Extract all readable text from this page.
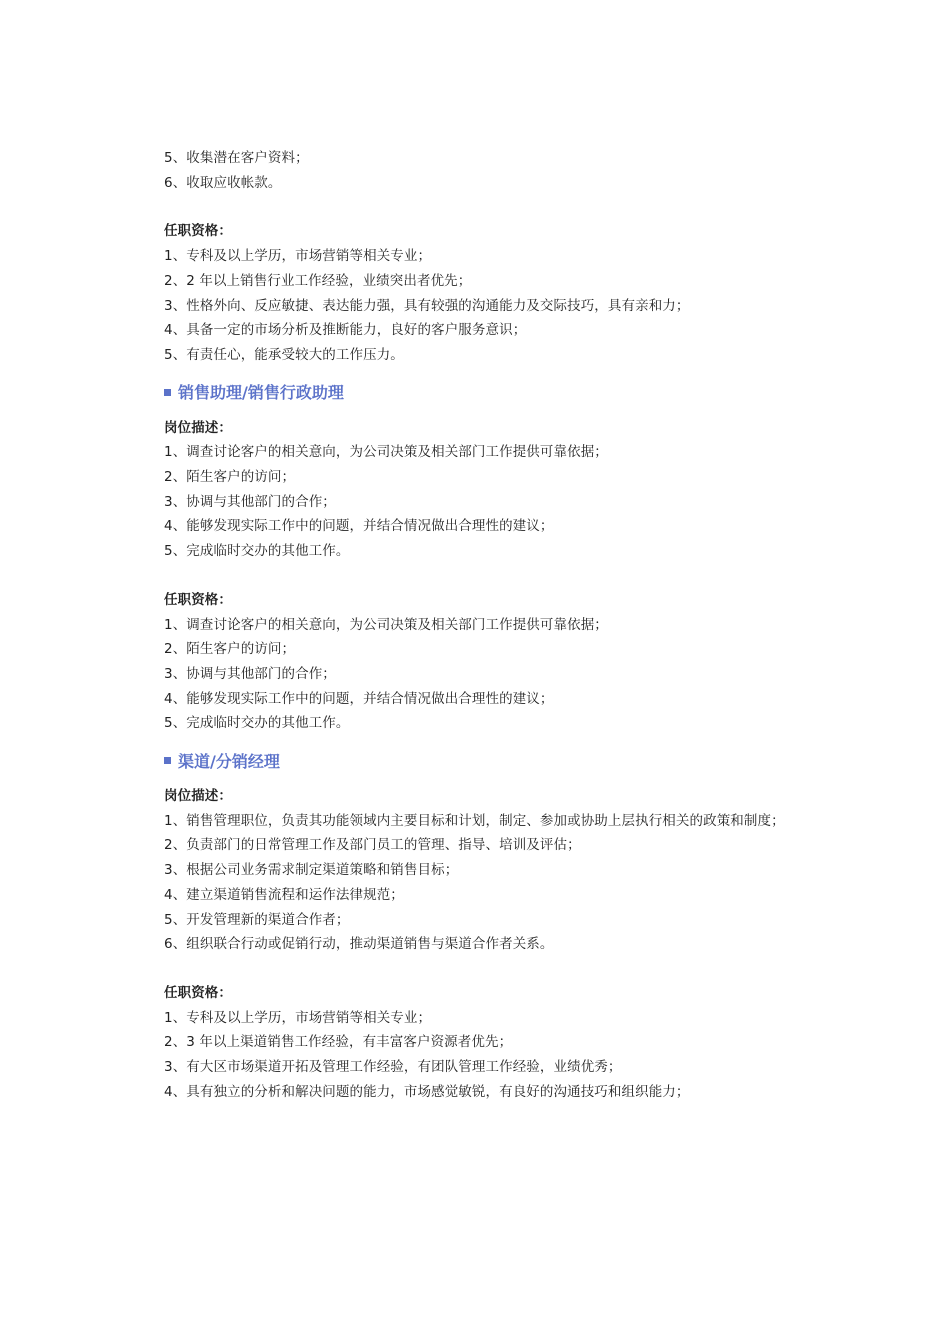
5、收集潜在客户资料；
6、收取应收帐款。
任职资格：
1、专科及以上学历，市场营销等相关专业；
2、2 年以上销售行业工作经验，业绩突出者优先；
3、性格外向、反应敏捷、表达能力强，具有较强的沟通能力及交际技巧，具有亲和力；
4、具备一定的市场分析及推断能力，良好的客户服务意识；
5、有责任心，能承受较大的工作压力。
销售助理/销售行政助理
岗位描述：
1、调查讨论客户的相关意向，为公司决策及相关部门工作提供可靠依据；
2、陌生客户的访问；
3、协调与其他部门的合作；
4、能够发现实际工作中的问题，并结合情况做出合理性的建议；
5、完成临时交办的其他工作。
任职资格：
1、调查讨论客户的相关意向，为公司决策及相关部门工作提供可靠依据；
2、陌生客户的访问；
3、协调与其他部门的合作；
4、能够发现实际工作中的问题，并结合情况做出合理性的建议；
5、完成临时交办的其他工作。
渠道/分销经理
岗位描述：
1、销售管理职位，负责其功能领域内主要目标和计划，制定、参加或协助上层执行相关的政策和制度；
2、负责部门的日常管理工作及部门员工的管理、指导、培训及评估；
3、根据公司业务需求制定渠道策略和销售目标；
4、建立渠道销售流程和运作法律规范；
5、开发管理新的渠道合作者；
6、组织联合行动或促销行动，推动渠道销售与渠道合作者关系。
任职资格：
1、专科及以上学历，市场营销等相关专业；
2、3 年以上渠道销售工作经验，有丰富客户资源者优先；
3、有大区市场渠道开拓及管理工作经验，有团队管理工作经验，业绩优秀；
4、具有独立的分析和解决问题的能力，市场感觉敏锐，有良好的沟通技巧和组织能力；
